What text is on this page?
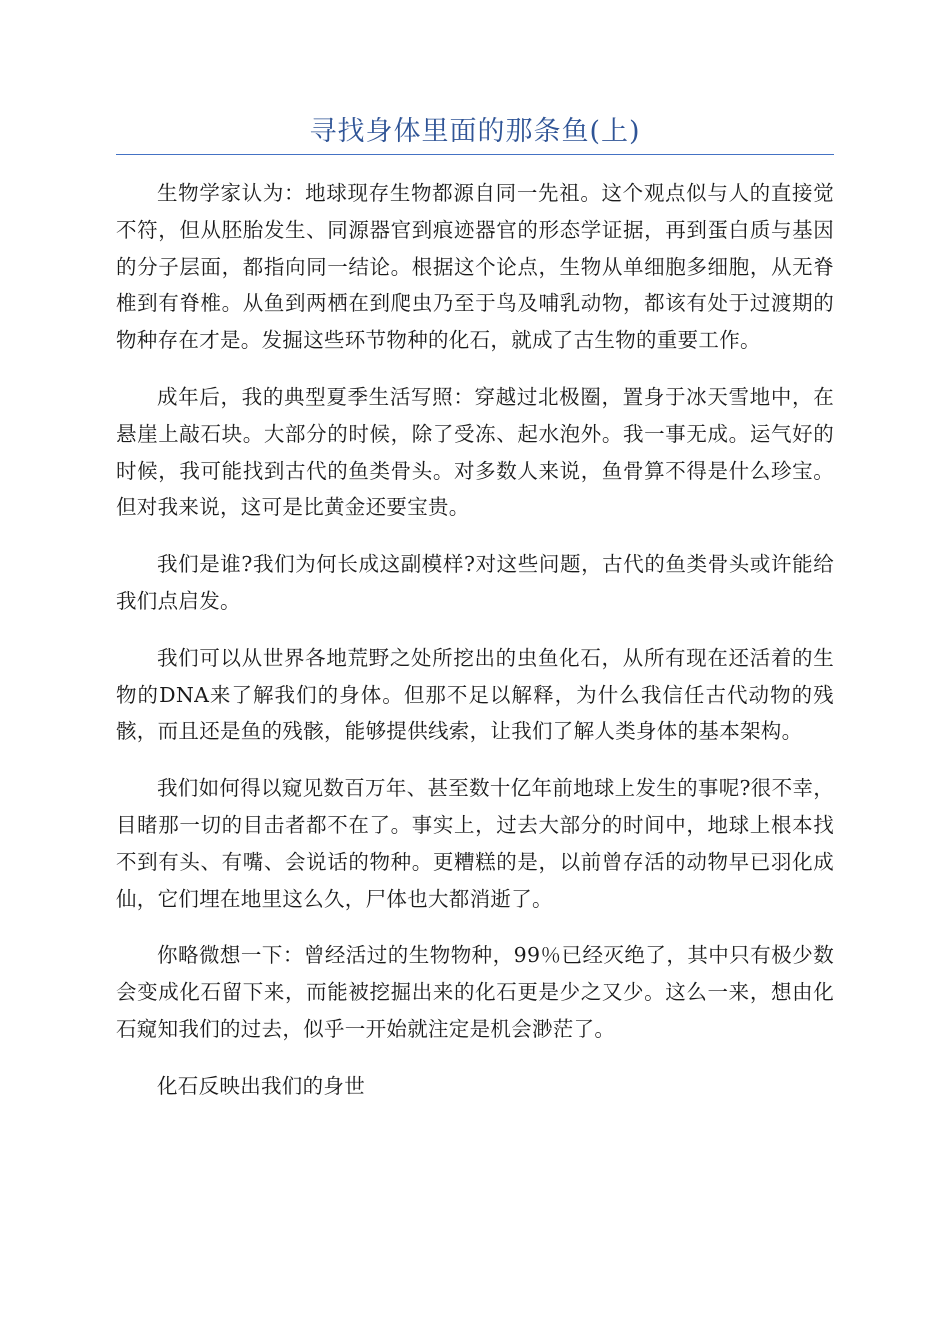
寻找身体里面的那条鱼(上)

生物学家认为：地球现存生物都源自同一先祖。这个观点似与人的直接觉不符，但从胚胎发生、同源器官到痕迹器官的形态学证据，再到蛋白质与基因的分子层面，都指向同一结论。根据这个论点，生物从单细胞多细胞，从无脊椎到有脊椎。从鱼到两栖在到爬虫乃至于鸟及哺乳动物，都该有处于过渡期的物种存在才是。发掘这些环节物种的化石，就成了古生物的重要工作。

成年后，我的典型夏季生活写照：穿越过北极圈，置身于冰天雪地中，在悬崖上敲石块。大部分的时候，除了受冻、起水泡外。我一事无成。运气好的时候，我可能找到古代的鱼类骨头。对多数人来说，鱼骨算不得是什么珍宝。但对我来说，这可是比黄金还要宝贵。

我们是谁?我们为何长成这副模样?对这些问题，古代的鱼类骨头或许能给我们点启发。

我们可以从世界各地荒野之处所挖出的虫鱼化石，从所有现在还活着的生物的DNA来了解我们的身体。但那不足以解释，为什么我信任古代动物的残骸，而且还是鱼的残骸，能够提供线索，让我们了解人类身体的基本架构。

我们如何得以窥见数百万年、甚至数十亿年前地球上发生的事呢?很不幸，目睹那一切的目击者都不在了。事实上，过去大部分的时间中，地球上根本找不到有头、有嘴、会说话的物种。更糟糕的是，以前曾存活的动物早已羽化成仙，它们埋在地里这么久，尸体也大都消逝了。

你略微想一下：曾经活过的生物物种，99％已经灭绝了，其中只有极少数会变成化石留下来，而能被挖掘出来的化石更是少之又少。这么一来，想由化石窥知我们的过去，似乎一开始就注定是机会渺茫了。

化石反映出我们的身世
